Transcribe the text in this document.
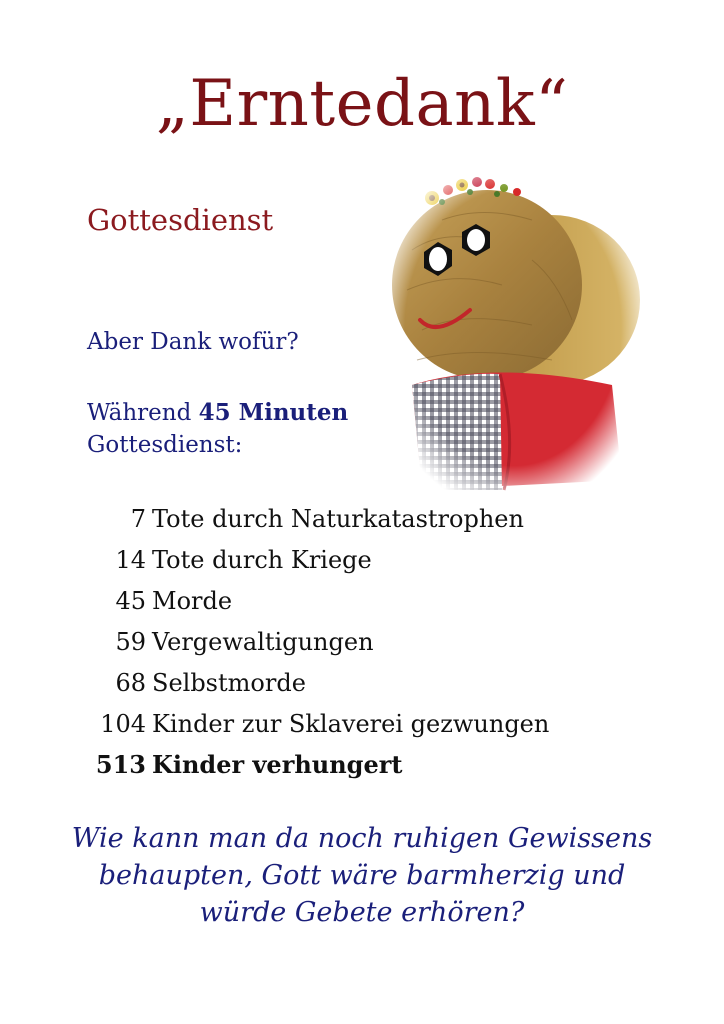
„Erntedank“
Gottesdienst
Aber Dank wofür?
Während 45 Minuten
Gottesdienst:
7 Tote durch Naturkatastrophen
14 Tote durch Kriege
45 Morde
59 Vergewaltigungen
68 Selbstmorde
104 Kinder zur Sklaverei gezwungen
513 Kinder verhungert
Wie kann man da noch ruhigen Gewissens
behaupten, Gott wäre barmherzig und
würde Gebete erhören?
